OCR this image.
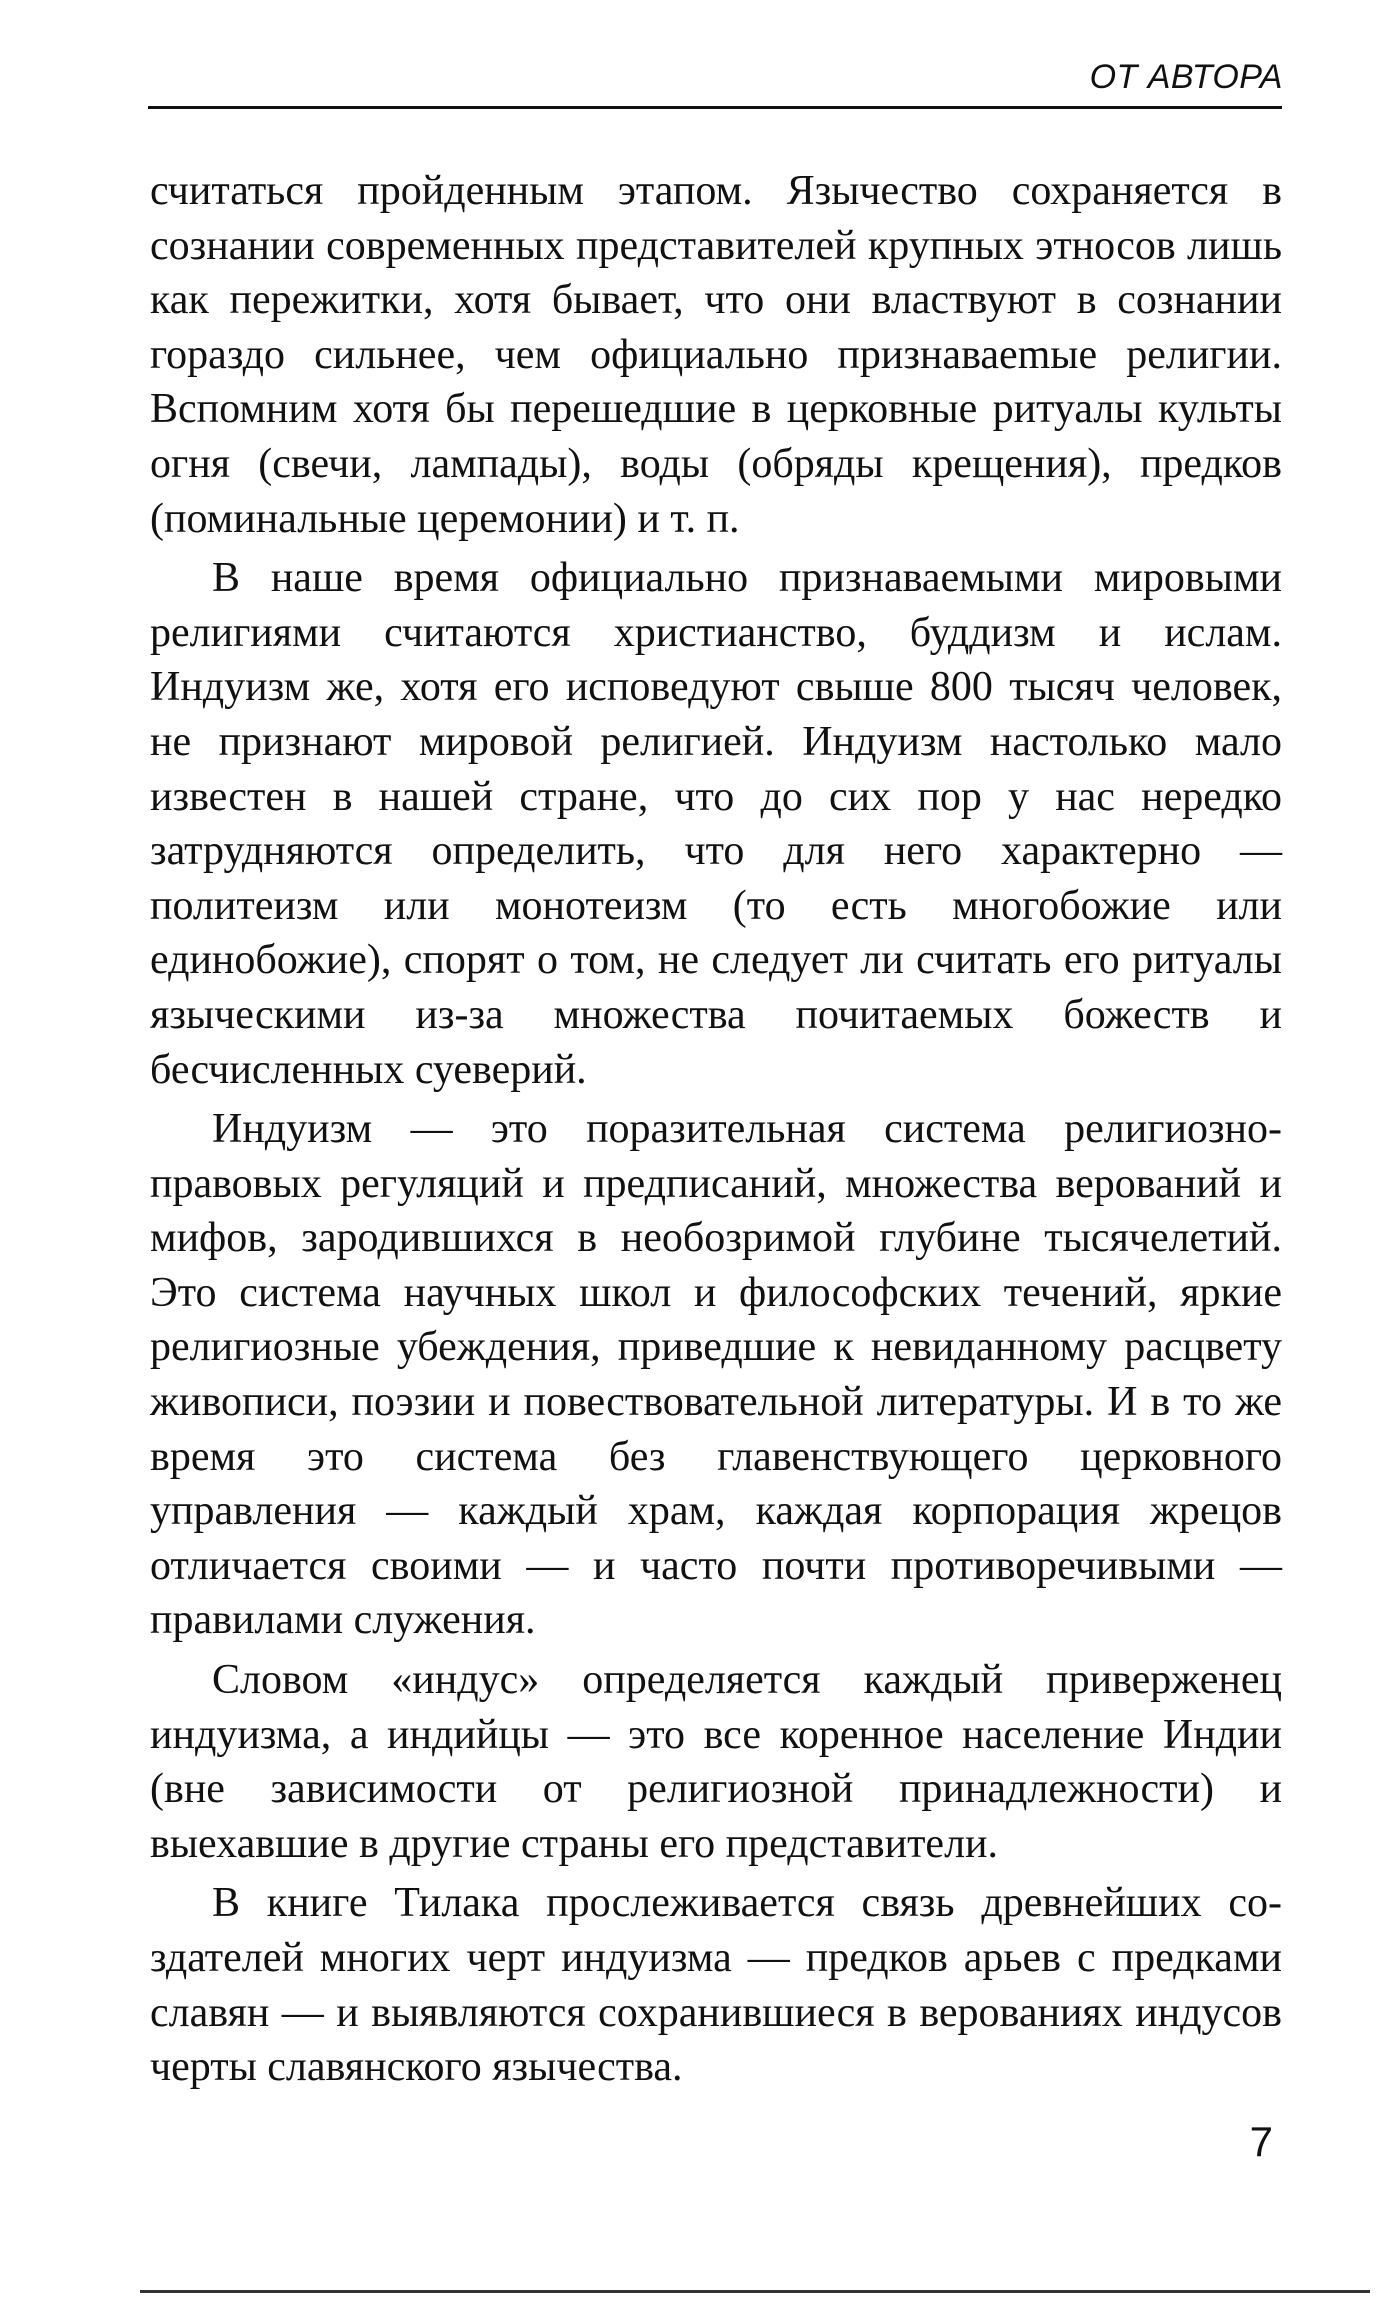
ОТ АВТОРА

считаться пройденным этапом. Язычество сохраняется в сознании современных представителей крупных этносов лишь как пережитки, хотя бывает, что они властвуют в сознании гораздо сильнее, чем официально признаваеmые религии. Вспомним хотя бы перешедшие в церковные ритуалы культы огня (свечи, лампады), воды (обряды крещения), предков (поминальные церемонии) и т. п.

В наше время официально признаваемыми мировыми религиями считаются христианство, буддизм и ислам. Индуизм же, хотя его исповедуют свыше 800 тысяч человек, не признают мировой религией. Индуизм настолько мало известен в нашей стране, что до сих пор у нас нередко затрудняются определить, что для него характерно — политеизм или монотеизм (то есть многобожие или единобожие), спорят о том, не следует ли считать его ритуалы языческими из-за множества почитаемых божеств и бесчисленных суеверий.

Индуизм — это поразительная система религиозно-правовых регуляций и предписаний, множества верований и мифов, зародившихся в необозримой глубине тысячелетий. Это система научных школ и философских течений, яркие религиозные убеждения, приведшие к невиданному расцвету живописи, поэзии и повествовательной литературы. И в то же время это система без главенствующего церковного управления — каждый храм, каждая корпорация жрецов отличается своими — и часто почти противоречивыми — правилами служения.

Словом «индус» определяется каждый приверженец индуизма, а индийцы — это все коренное население Индии (вне зависимости от религиозной принадлежности) и выехавшие в другие страны его представители.

В книге Тилака прослеживается связь древнейших создателей многих черт индуизма — предков арьев с предками славян — и выявляются сохранившиеся в верованиях индусов черты славянского язычества.

7
